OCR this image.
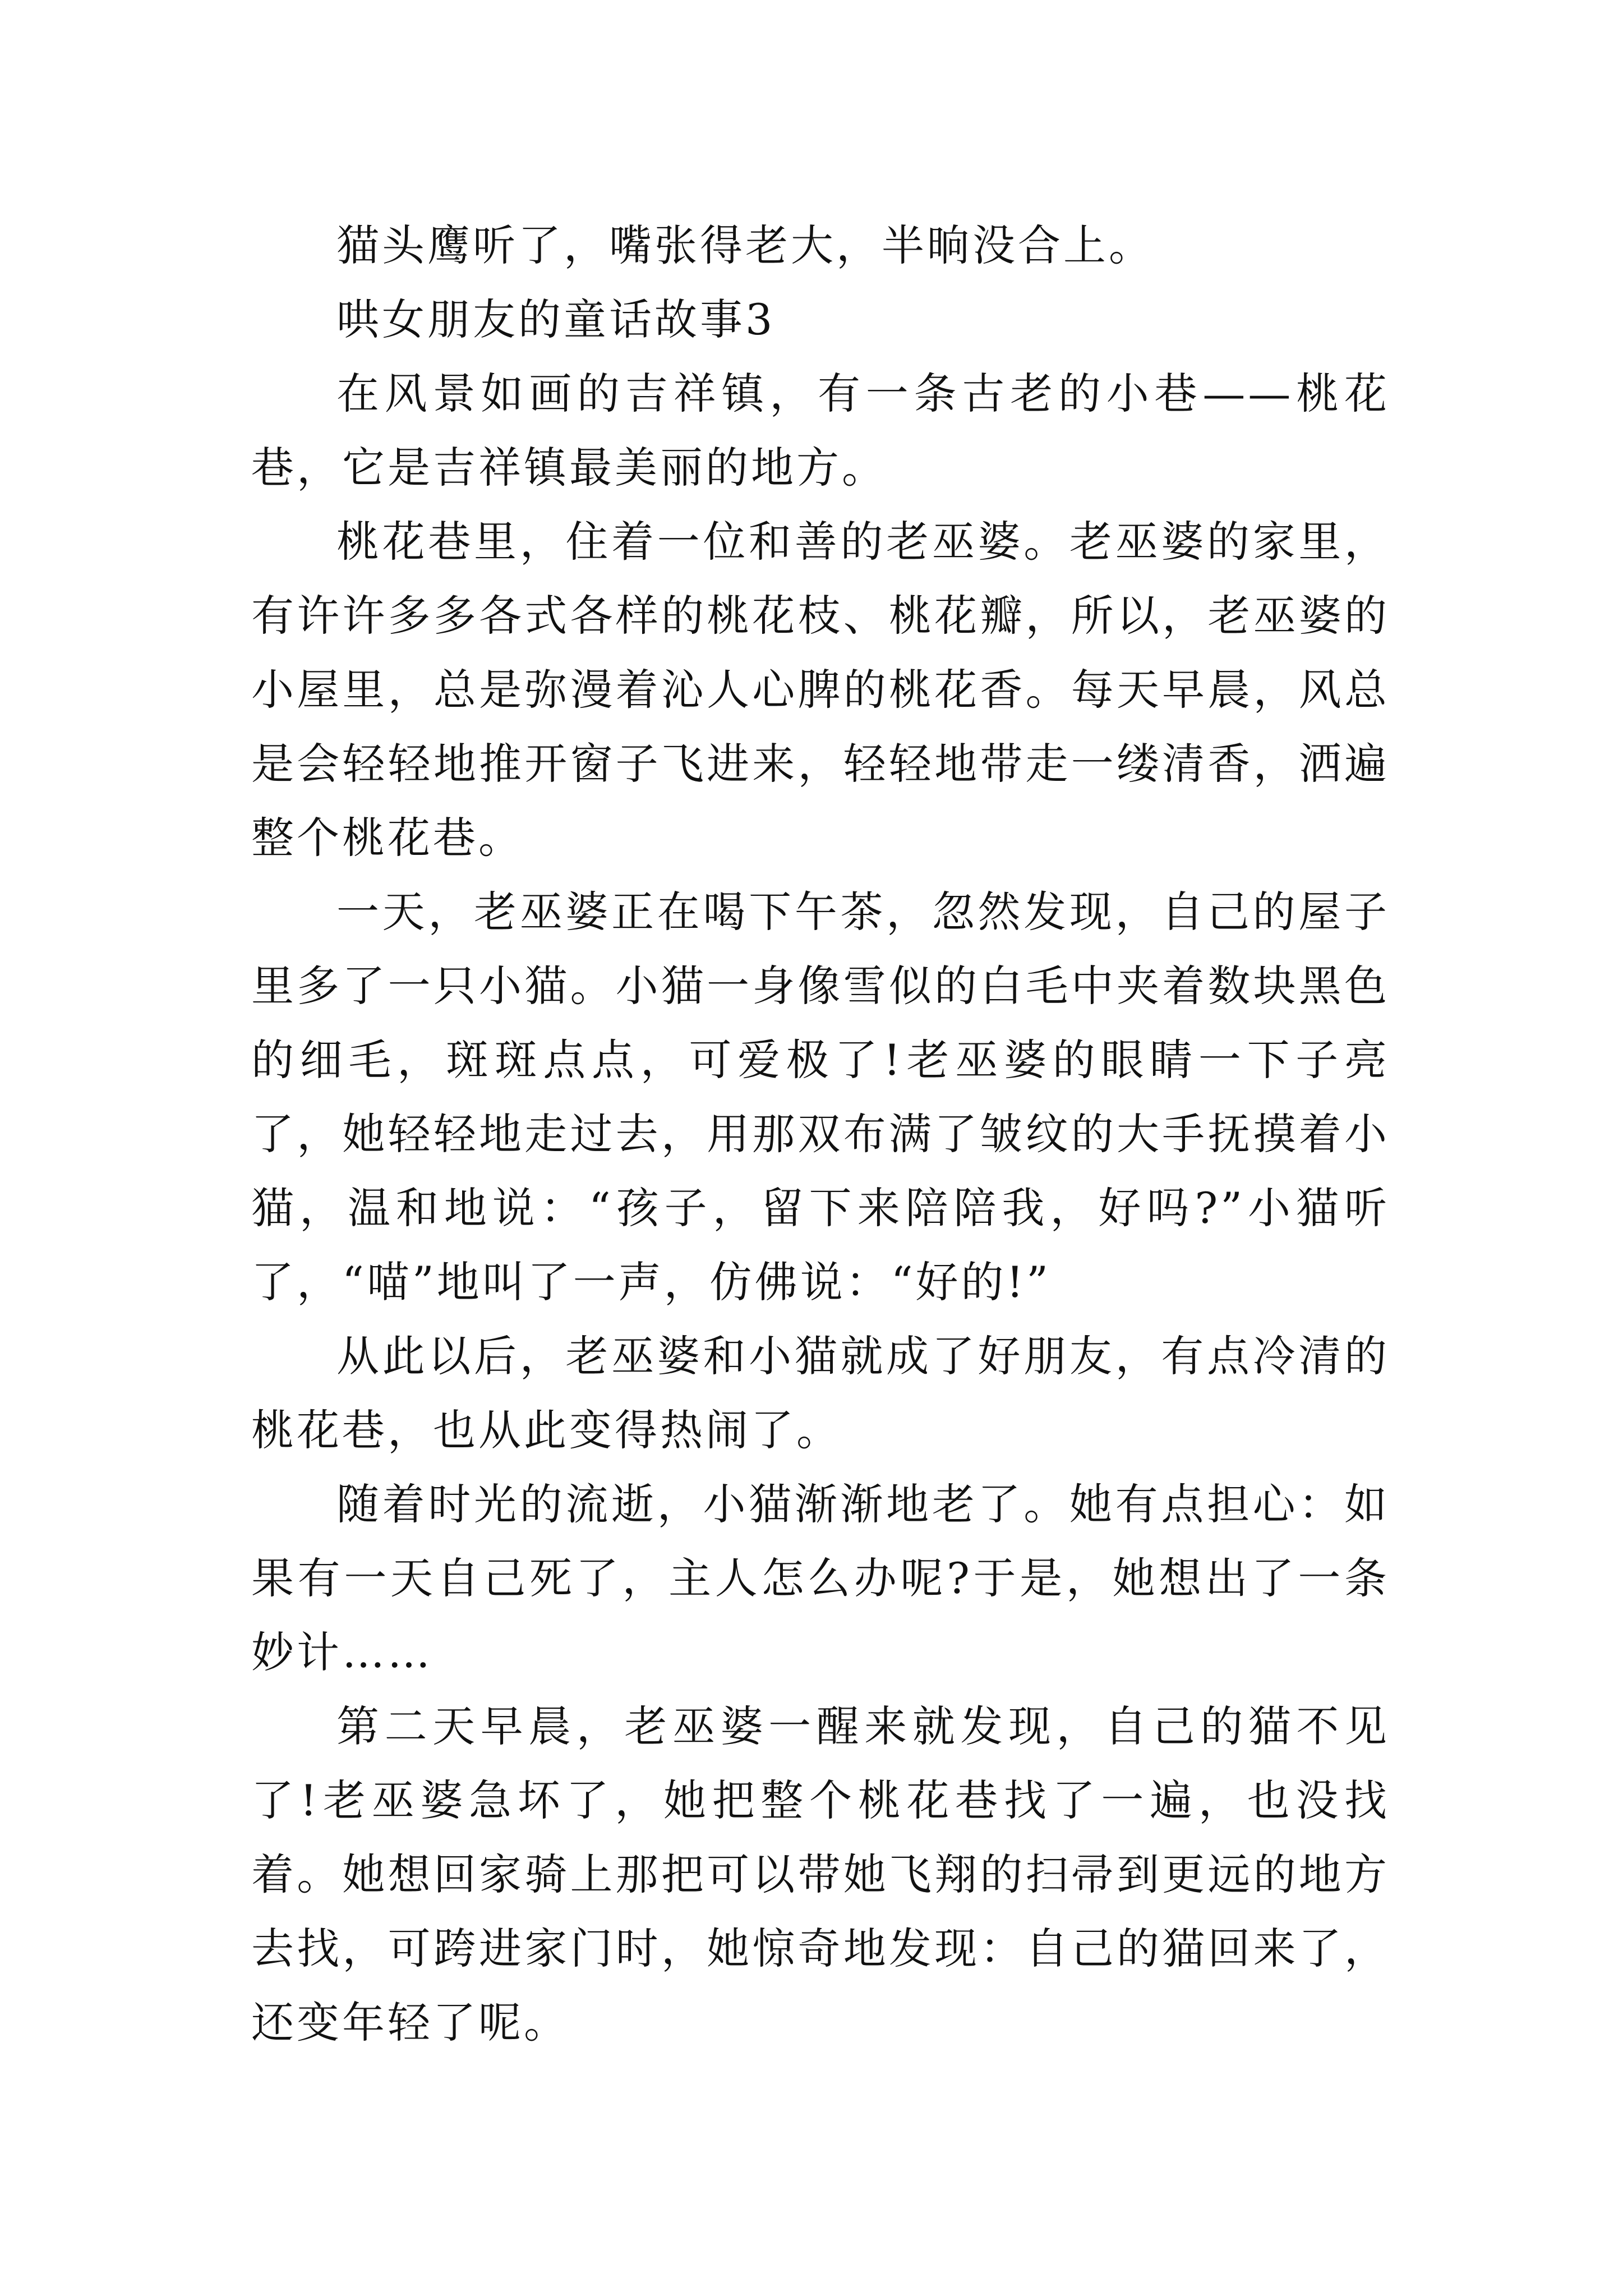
猫头鹰听了，嘴张得老大，半晌没合上。

哄女朋友的童话故事3

在风景如画的吉祥镇，有一条古老的小巷——桃花巷，它是吉祥镇最美丽的地方。

桃花巷里，住着一位和善的老巫婆。老巫婆的家里，有许许多多各式各样的桃花枝、桃花瓣，所以，老巫婆的小屋里，总是弥漫着沁人心脾的桃花香。每天早晨，风总是会轻轻地推开窗子飞进来，轻轻地带走一缕清香，洒遍整个桃花巷。

一天，老巫婆正在喝下午茶，忽然发现，自己的屋子里多了一只小猫。小猫一身像雪似的白毛中夹着数块黑色的细毛，斑斑点点，可爱极了!老巫婆的眼睛一下子亮了，她轻轻地走过去，用那双布满了皱纹的大手抚摸着小猫，温和地说：“孩子，留下来陪陪我，好吗?”小猫听了，“喵”地叫了一声，仿佛说：“好的!”

从此以后，老巫婆和小猫就成了好朋友，有点冷清的桃花巷，也从此变得热闹了。

随着时光的流逝，小猫渐渐地老了。她有点担心：如果有一天自己死了，主人怎么办呢?于是，她想出了一条妙计……

第二天早晨，老巫婆一醒来就发现，自己的猫不见了!老巫婆急坏了，她把整个桃花巷找了一遍，也没找着。她想回家骑上那把可以带她飞翔的扫帚到更远的地方去找，可跨进家门时，她惊奇地发现：自己的猫回来了，还变年轻了呢。
